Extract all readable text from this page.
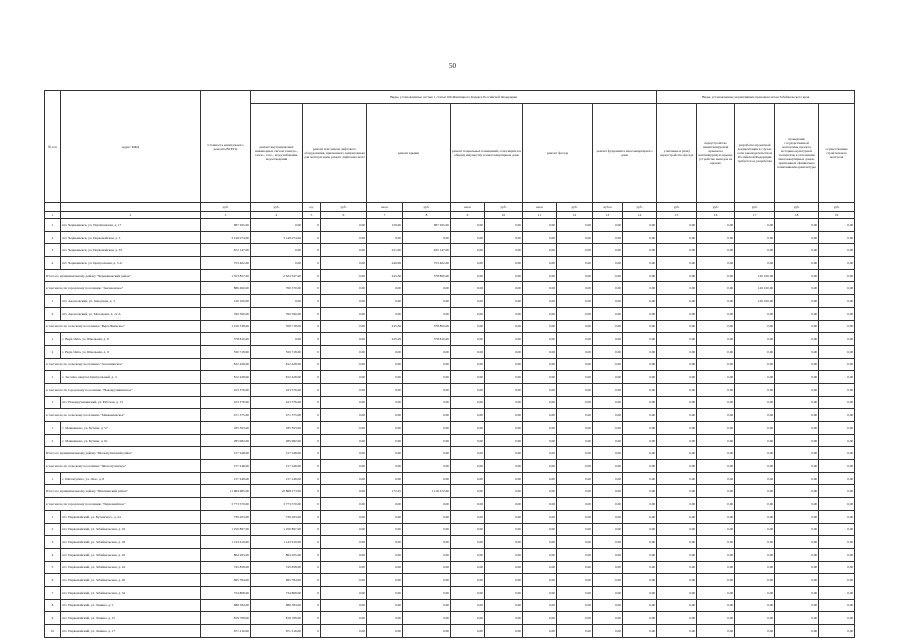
50
№ п/п	Адрес МКД	Стоимость капитального ремонта ВСЕГО	Виды, установленные частью 1 статьи 166 Жилищного Кодекса Российской Федерации											Виды, установленные нормативным правовым актом Забайкальского края				
			ремонт внутридомовых инженерных систем электро-, тепло-, газо-, водоснабжения, водоотведения	ремонт или замена лифтового оборудования, признанного непригодным для эксплуатации, ремонт лифтовых шахт		ремонт крыши		ремонт подвальных помещений, относящихся к общему имуществу в многоквартирном доме		ремонт фасада		ремонт фундамента многоквартирного дома		утепление и (или) переустройство фасада	переустройство невентилируемой крыши на вентилируемую крышу, устройство выходов на кровлю	разработка проектной документации в случае, если законодательством Российской Федерации требуется ее разработка	проведение государственной экспертизы проекта, историко-культурной экспертизы в отношении многоквартирных домов, признанных официально памятниками архитектуры	осуществление строительного контроля
		руб.	руб.	ед.	руб.	кв.м	руб.	кв.м	руб.	кв.м	руб.	куб.м	руб.	руб.	руб.	руб.	руб.	руб.
1	2	3	4	5	6	7	8	9	10	11	12	13	14	15	16	17	18	19
1	пгт. Чернышевск, ул. Партизанская, д. 17	687 265,00	0,00	0	0,00	156,00	687 265,00	0,00	0,00	0,00	0,00	0,00	0,00	0,00	0,00	0,00	0,00	0,00
2	пгт. Чернышевск, ул. Первомайская, д. 3	3 149 074,00	3 149 074,00	0	0,00	0,00	0,00	0,00	0,00	0,00	0,00	0,00	0,00	0,00	0,00	0,00	0,00	0,00
3	пгт. Чернышевск, ул. Первомайская, д. 35	672 147,00	0,00	0	0,00	251,00	635 147,00	0,00	0,00	0,00	0,00	0,00	0,00	0,00	0,00	0,00	0,00	0,00
4	пгт. Чернышевск, ул. Центральная, д. 5 А	753 402,00	0,00	0	0,00	240,99	753 402,00	0,00	0,00	0,00	0,00	0,00	0,00	0,00	0,00	0,00	0,00	0,00
Итого по муниципальному району "Чернышевский район"		1 553 857,00	2 623 547,00	0	0,00	245,36	578 800,00	0,00	0,00	0,00	0,00	0,00	0,00	0,00	0,00	126 100,00	0,00	0,00
в том числе по городскому поселению "Аксеновское"		886 490,00	760 370,00	0	0,00	0,00	0,00	0,00	0,00	0,00	0,00	0,00	0,00	0,00	0,00	126 100,00	0,00	0,00
1	пгт. Аксеновский, ул. Заводская, д. 3	126 100,00	0,00	0	0,00	0,00	0,00	0,00	0,00	0,00	0,00	0,00	0,00	0,00	0,00	126 100,00	0,00	0,00
2	пгт. Аксеновский, ул. Молодежи, д. 12 А	760 390,00	760 390,00	0	0,00	0,00	0,00	0,00	0,00	0,00	0,00	0,00	0,00	0,00	0,00	0,00	0,00	0,00
в том числе по сельскому поселению "Верх-Чиньское"		1 129 338,00	550 718,00	0	0,00	245,36	578 800,00	0,00	0,00	0,00	0,00	0,00	0,00	0,00	0,00	0,00	0,00	0,00
1	с. Верх-Чита, ул. Школьная, д. 8	578 810,00	0,00	0	0,00	245,29	578 810,00	0,00	0,00	0,00	0,00	0,00	0,00	0,00	0,00	0,00	0,00	0,00
2	с. Верх-Чита, ул. Школьная, д. 9	550 718,00	550 718,00	0	0,00	0,00	0,00	0,00	0,00	0,00	0,00	0,00	0,00	0,00	0,00	0,00	0,00	0,00
в том числе по сельскому поселению "Засопкинское"		812 428,00	812 428,00	0	0,00	0,00	0,00	0,00	0,00	0,00	0,00	0,00	0,00	0,00	0,00	0,00	0,00	0,00
1	с. Засопка, квартал Центральный, д. 3	812 428,00	812 428,00	0	0,00	0,00	0,00	0,00	0,00	0,00	0,00	0,00	0,00	0,00	0,00	0,00	0,00	0,00
в том числе по городскому поселению "Новокручининское"		223 376,00	223 376,00	0	0,00	0,00	0,00	0,00	0,00	0,00	0,00	0,00	0,00	0,00	0,00	0,00	0,00	0,00
1	пгт. Новокручининский, ул. Рабочая, д. 13	223 376,00	223 376,00	0	0,00	0,00	0,00	0,00	0,00	0,00	0,00	0,00	0,00	0,00	0,00	0,00	0,00	0,00
в том числе по сельскому поселению "Маккавеевское"		471 375,00	471 375,00	0	0,00	0,00	0,00	0,00	0,00	0,00	0,00	0,00	0,00	0,00	0,00	0,00	0,00	0,00
1	с. Маккавеево, ул. Бутина, д. 57	185 393,00	185 393,00	0	0,00	0,00	0,00	0,00	0,00	0,00	0,00	0,00	0,00	0,00	0,00	0,00	0,00	0,00
2	с. Маккавеево, ул. Бутина, д. 61	285 982,00	285 982,00	0	0,00	0,00	0,00	0,00	0,00	0,00	0,00	0,00	0,00	0,00	0,00	0,00	0,00	0,00
Итого по муниципальному району "Шелопугинский район"		157 248,00	157 248,00	0	0,00	0,00	0,00	0,00	0,00	0,00	0,00	0,00	0,00	0,00	0,00	0,00	0,00	0,00
в том числе по сельскому поселению "Шелопугинское"		157 248,00	157 248,00	0	0,00	0,00	0,00	0,00	0,00	0,00	0,00	0,00	0,00	0,00	0,00	0,00	0,00	0,00
1	с. Шелопугино, ул. Лазо, д. 8	157 248,00	157 248,00	0	0,00	0,00	0,00	0,00	0,00	0,00	0,00	0,00	0,00	0,00	0,00	0,00	0,00	0,00
Итого по муниципальному району "Шилкинский район"		11 984 685,00	10 868 173,00	0	0,00	172,25	1 116 472,00	0,00	0,00	0,00	0,00	0,00	0,00	0,00	0,00	0,00	0,00	0,00
в том числе по городскому поселению "Первомайское"		3 773 570,00	3 773 570,00	0	0,00	0,00	0,00	0,00	0,00	0,00	0,00	0,00	0,00	0,00	0,00	0,00	0,00	0,00
1	пгт. Первомайский, ул. Бутинского, д. 24	739 263,00	739 263,00	0	0,00	0,00	0,00	0,00	0,00	0,00	0,00	0,00	0,00	0,00	0,00	0,00	0,00	0,00
2	пгт. Первомайский, ул. Забайкальская, д. 16	1 250 897,00	1 250 897,00	0	0,00	0,00	0,00	0,00	0,00	0,00	0,00	0,00	0,00	0,00	0,00	0,00	0,00	0,00
3	пгт. Первомайский, ул. Забайкальская, д. 18	1 143 619,00	1 143 619,00	0	0,00	0,00	0,00	0,00	0,00	0,00	0,00	0,00	0,00	0,00	0,00	0,00	0,00	0,00
4	пгт. Первомайский, ул. Забайкальская, д. 16	864 265,00	864 265,00	0	0,00	0,00	0,00	0,00	0,00	0,00	0,00	0,00	0,00	0,00	0,00	0,00	0,00	0,00
5	пгт. Первомайский, ул. Забайкальская, д. 24	745 858,00	745 858,00	0	0,00	0,00	0,00	0,00	0,00	0,00	0,00	0,00	0,00	0,00	0,00	0,00	0,00	0,00
6	пгт. Первомайский, ул. Забайкальская, д. 26	695 784,00	695 784,00	0	0,00	0,00	0,00	0,00	0,00	0,00	0,00	0,00	0,00	0,00	0,00	0,00	0,00	0,00
7	пгт. Первомайский, ул. Забайкальская, д. 34	734 808,00	734 808,00	0	0,00	0,00	0,00	0,00	0,00	0,00	0,00	0,00	0,00	0,00	0,00	0,00	0,00	0,00
8	пгт. Первомайский, ул. Ленина, д. 5	686 584,00	686 584,00	0	0,00	0,00	0,00	0,00	0,00	0,00	0,00	0,00	0,00	0,00	0,00	0,00	0,00	0,00
9	пгт. Первомайский, ул. Ленина, д. 15	819 708,00	819 708,00	0	0,00	0,00	0,00	0,00	0,00	0,00	0,00	0,00	0,00	0,00	0,00	0,00	0,00	0,00
10	пгт. Первомайский, ул. Ленина, д. 17	671 216,00	671 216,00	0	0,00	0,00	0,00	0,00	0,00	0,00	0,00	0,00	0,00	0,00	0,00	0,00	0,00	0,00
